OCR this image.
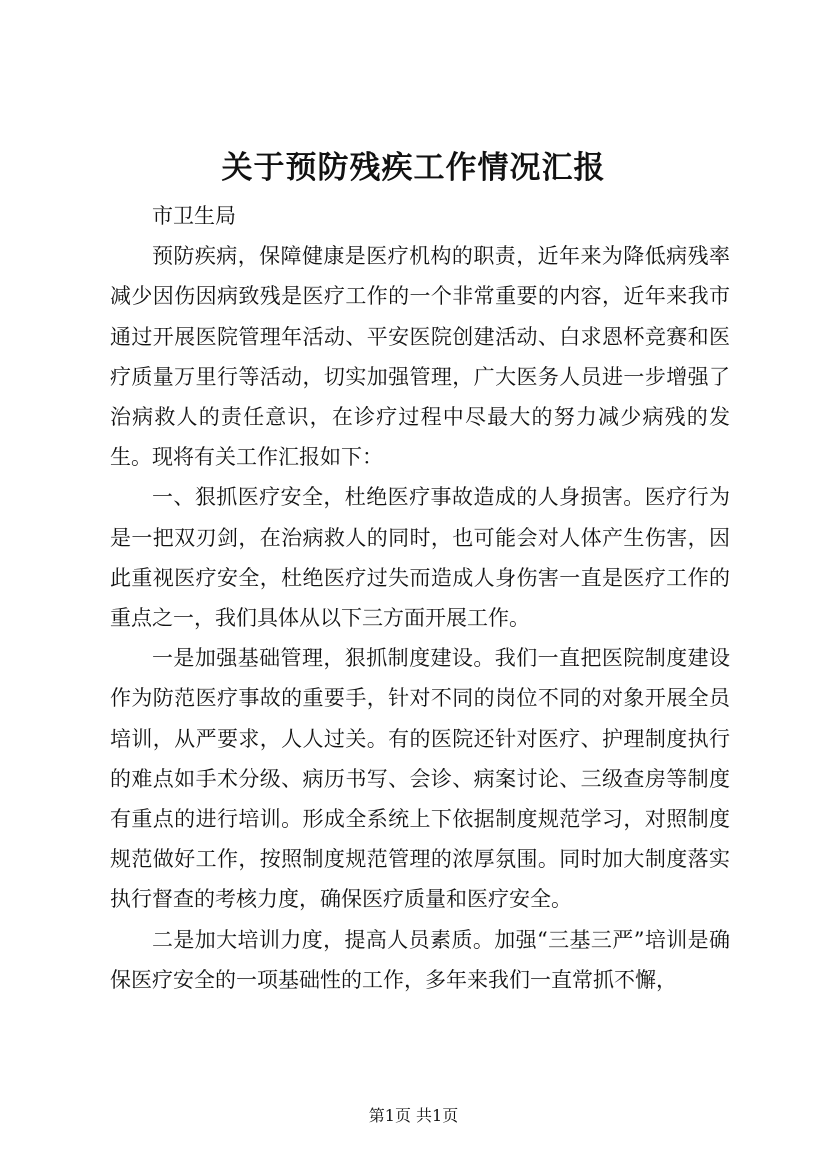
关于预防残疾工作情况汇报

市卫生局

预防疾病，保障健康是医疗机构的职责，近年来为降低病残率减少因伤因病致残是医疗工作的一个非常重要的内容，近年来我市通过开展医院管理年活动、平安医院创建活动、白求恩杯竞赛和医疗质量万里行等活动，切实加强管理，广大医务人员进一步增强了治病救人的责任意识，在诊疗过程中尽最大的努力减少病残的发生。现将有关工作汇报如下：

一、狠抓医疗安全，杜绝医疗事故造成的人身损害。医疗行为是一把双刃剑，在治病救人的同时，也可能会对人体产生伤害，因此重视医疗安全，杜绝医疗过失而造成人身伤害一直是医疗工作的重点之一，我们具体从以下三方面开展工作。

一是加强基础管理，狠抓制度建设。我们一直把医院制度建设作为防范医疗事故的重要手，针对不同的岗位不同的对象开展全员培训，从严要求，人人过关。有的医院还针对医疗、护理制度执行的难点如手术分级、病历书写、会诊、病案讨论、三级查房等制度有重点的进行培训。形成全系统上下依据制度规范学习，对照制度规范做好工作，按照制度规范管理的浓厚氛围。同时加大制度落实执行督查的考核力度，确保医疗质量和医疗安全。

二是加大培训力度，提高人员素质。加强“三基三严”培训是确保医疗安全的一项基础性的工作，多年来我们一直常抓不懈，

第1页 共1页
